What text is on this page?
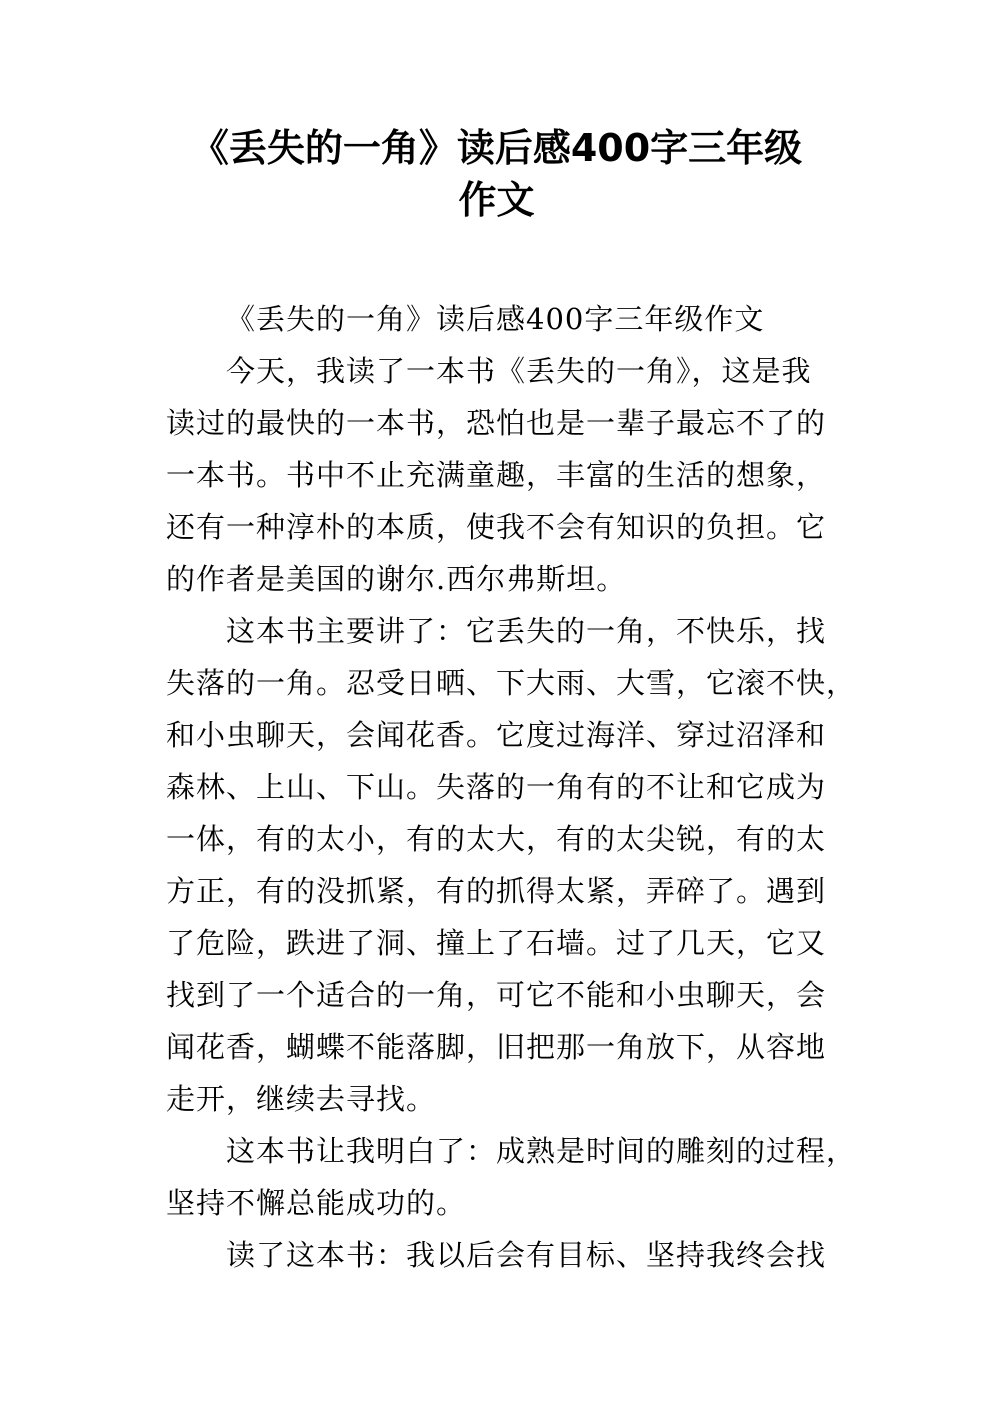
《丢失的一角》读后感400字三年级
作文
《丢失的一角》读后感400字三年级作文
今天，我读了一本书《丢失的一角》，这是我
读过的最快的一本书，恐怕也是一辈子最忘不了的
一本书。书中不止充满童趣，丰富的生活的想象，
还有一种淳朴的本质，使我不会有知识的负担。它
的作者是美国的谢尔.西尔弗斯坦。
这本书主要讲了：它丢失的一角，不快乐，找
失落的一角。忍受日晒、下大雨、大雪，它滚不快，
和小虫聊天，会闻花香。它度过海洋、穿过沼泽和
森林、上山、下山。失落的一角有的不让和它成为
一体，有的太小，有的太大，有的太尖锐，有的太
方正，有的没抓紧，有的抓得太紧，弄碎了。遇到
了危险，跌进了洞、撞上了石墙。过了几天，它又
找到了一个适合的一角，可它不能和小虫聊天，会
闻花香，蝴蝶不能落脚，旧把那一角放下，从容地
走开，继续去寻找。
这本书让我明白了：成熟是时间的雕刻的过程，
坚持不懈总能成功的。
读了这本书：我以后会有目标、坚持我终会找
